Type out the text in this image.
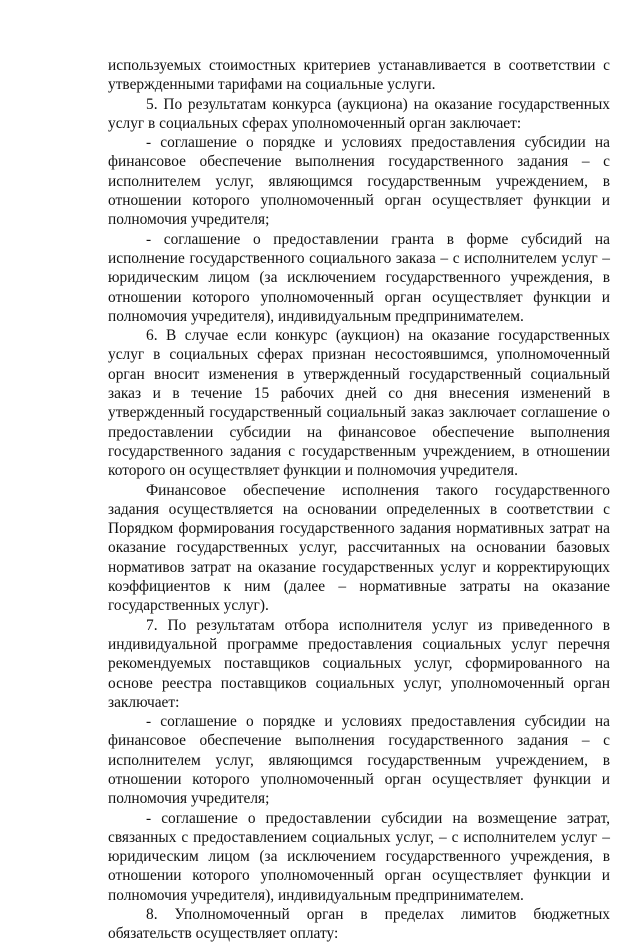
используемых стоимостных критериев устанавливается в соответствии с утвержденными тарифами на социальные услуги.

5. По результатам конкурса (аукциона) на оказание государственных услуг в социальных сферах уполномоченный орган заключает:

- соглашение о порядке и условиях предоставления субсидии на финансовое обеспечение выполнения государственного задания – с исполнителем услуг, являющимся государственным учреждением, в отношении которого уполномоченный орган осуществляет функции и полномочия учредителя;

- соглашение о предоставлении гранта в форме субсидий на исполнение государственного социального заказа – с исполнителем услуг – юридическим лицом (за исключением государственного учреждения, в отношении которого уполномоченный орган осуществляет функции и полномочия учредителя), индивидуальным предпринимателем.

6. В случае если конкурс (аукцион) на оказание государственных услуг в социальных сферах признан несостоявшимся, уполномоченный орган вносит изменения в утвержденный государственный социальный заказ и в течение 15 рабочих дней со дня внесения изменений в утвержденный государственный социальный заказ заключает соглашение о предоставлении субсидии на финансовое обеспечение выполнения государственного задания с государственным учреждением, в отношении которого он осуществляет функции и полномочия учредителя.

Финансовое обеспечение исполнения такого государственного задания осуществляется на основании определенных в соответствии с Порядком формирования государственного задания нормативных затрат на оказание государственных услуг, рассчитанных на основании базовых нормативов затрат на оказание государственных услуг и корректирующих коэффициентов к ним (далее – нормативные затраты на оказание государственных услуг).

7. По результатам отбора исполнителя услуг из приведенного в индивидуальной программе предоставления социальных услуг перечня рекомендуемых поставщиков социальных услуг, сформированного на основе реестра поставщиков социальных услуг, уполномоченный орган заключает:

- соглашение о порядке и условиях предоставления субсидии на финансовое обеспечение выполнения государственного задания – с исполнителем услуг, являющимся государственным учреждением, в отношении которого уполномоченный орган осуществляет функции и полномочия учредителя;

- соглашение о предоставлении субсидии на возмещение затрат, связанных с предоставлением социальных услуг, – с исполнителем услуг – юридическим лицом (за исключением государственного учреждения, в отношении которого уполномоченный орган осуществляет функции и полномочия учредителя), индивидуальным предпринимателем.

8. Уполномоченный орган в пределах лимитов бюджетных обязательств осуществляет оплату:
